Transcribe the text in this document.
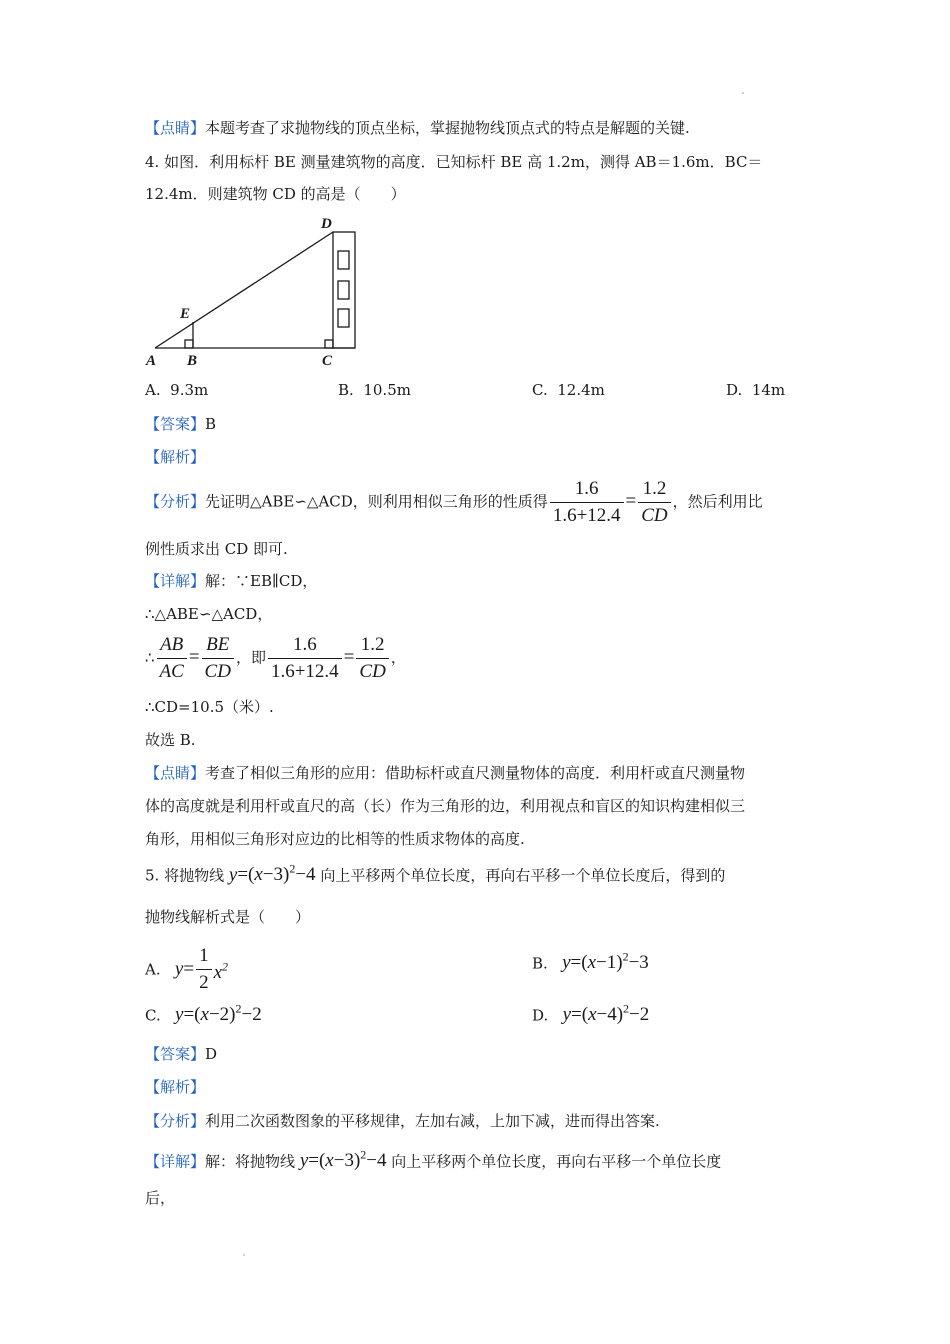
【点睛】本题考查了求抛物线的顶点坐标，掌握抛物线顶点式的特点是解题的关键.
4. 如图．利用标杆 BE 测量建筑物的高度．已知标杆 BE 高 1.2m，测得 AB＝1.6m．BC＝
12.4m．则建筑物 CD 的高是（　　）
A B	C
D
E
A. 9.3m	B. 10.5m	C. 12.4m	D. 14m
【答案】B
【解析】
【分析】先证明△ABE∽△ACD，则利用相似三角形的性质得 $\frac{1.6}{1.6+12.4} = \frac{1.2}{CD}$ ，然后利用比
例性质求出 CD 即可.
【详解】解：∵EB∥CD，
∴△ABE∽△ACD，
∴ $\frac{AB}{AC} = \frac{BE}{CD}$ ，即 $\frac{1.6}{1.6+12.4} = \frac{1.2}{CD}$ ，
∴CD=10.5（米）.
故选 B.
【点睛】考查了相似三角形的应用：借助标杆或直尺测量物体的高度．利用杆或直尺测量物
体的高度就是利用杆或直尺的高（长）作为三角形的边，利用视点和盲区的知识构建相似三
角形，用相似三角形对应边的比相等的性质求物体的高度.
5. 将抛物线 $y=(x-3)^2-4$ 向上平移两个单位长度，再向右平移一个单位长度后，得到的
抛物线解析式是（　　）
A. $y= \frac{1}{2} x^2$	B. $y=(x-1)^2-3$
C. $y=(x-2)^2-2$	D. $y=(x-4)^2-2$
【答案】D
【解析】
【分析】利用二次函数图象的平移规律，左加右减，上加下减，进而得出答案.
【详解】解：将抛物线 $y=(x-3)^2-4$ 向上平移两个单位长度，再向右平移一个单位长度
后，
